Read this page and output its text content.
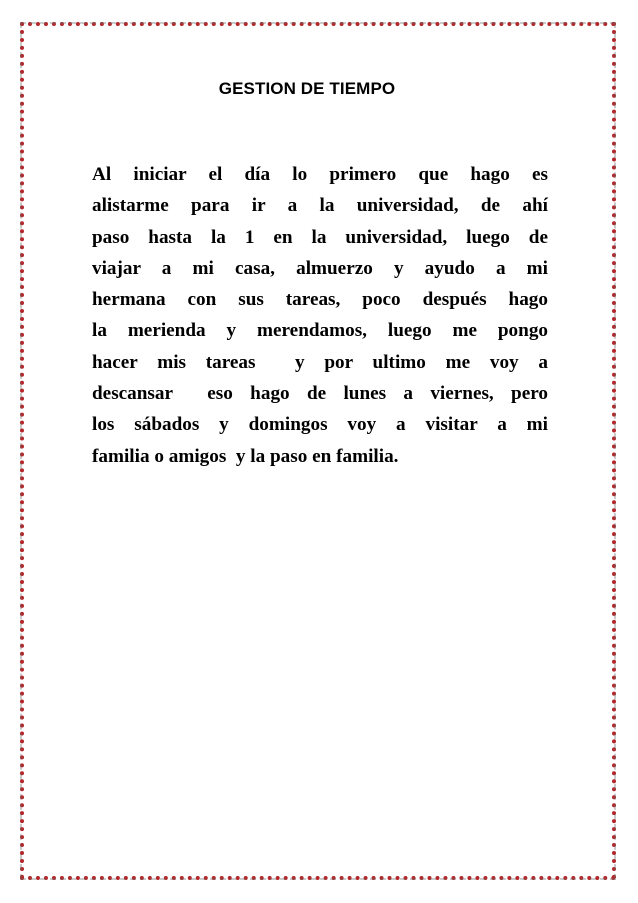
GESTION DE TIEMPO
Al iniciar el día lo primero que hago es
alistarme para ir a la universidad, de ahí
paso hasta la 1 en la universidad, luego de
viajar a mi casa, almuerzo y ayudo a mi
hermana con sus tareas, poco después hago
la merienda y merendamos, luego me pongo
hacer mis tareas  y por ultimo me voy a
descansar  eso hago de lunes a viernes, pero
los sábados y domingos voy a visitar a mi
familia o amigos  y la paso en familia.
